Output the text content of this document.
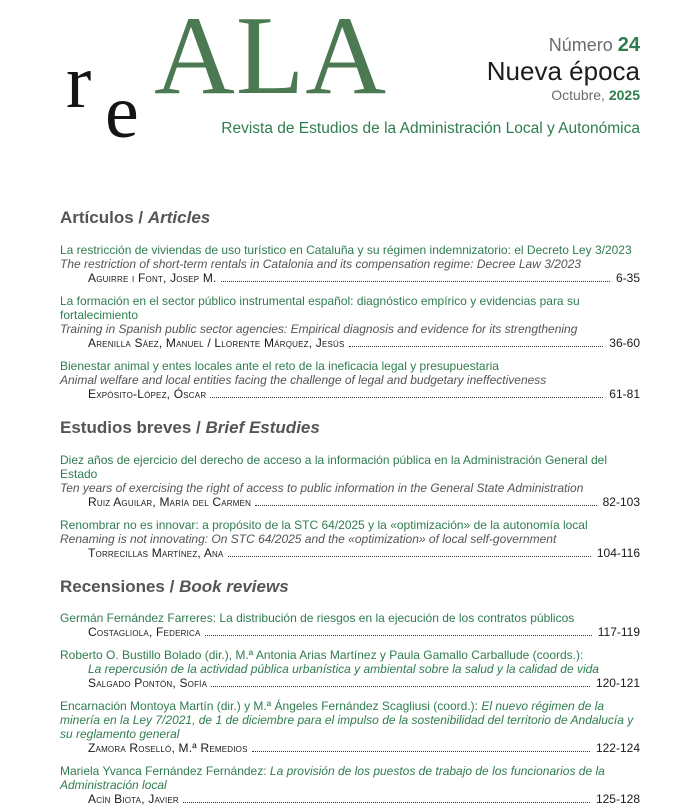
r e ALA	Número 24
Nueva época
Octubre, 2025
Revista de Estudios de la Administración Local y Autonómica
Artículos / Articles
La restricción de viviendas de uso turístico en Cataluña y su régimen indemnizatorio: el Decreto Ley 3/2023
The restriction of short-term rentals in Catalonia and its compensation regime: Decree Law 3/2023
Aguirre i Font, Josep M.	6-35
La formación en el sector público instrumental español: diagnóstico empírico y evidencias para su fortalecimiento
Training in Spanish public sector agencies: Empirical diagnosis and evidence for its strengthening
Arenilla Sáez, Manuel / Llorente Márquez, Jesús	36-60
Bienestar animal y entes locales ante el reto de la ineficacia legal y presupuestaria
Animal welfare and local entities facing the challenge of legal and budgetary ineffectiveness
Expósito-López, Óscar	61-81
Estudios breves / Brief Estudies
Diez años de ejercicio del derecho de acceso a la información pública en la Administración General del Estado
Ten years of exercising the right of access to public information in the General State Administration
Ruiz Aguilar, María del Carmen	82-103
Renombrar no es innovar: a propósito de la STC 64/2025 y la «optimización» de la autonomía local
Renaming is not innovating: On STC 64/2025 and the «optimization» of local self-government
Torrecillas Martínez, Ana	104-116
Recensiones / Book reviews
Germán Fernández Farreres: La distribución de riesgos en la ejecución de los contratos públicos
Costagliola, Federica	117-119
Roberto O. Bustillo Bolado (dir.), M.ª Antonia Arias Martínez y Paula Gamallo Carballude (coords.):
La repercusión de la actividad pública urbanística y ambiental sobre la salud y la calidad de vida
Salgado Pontón, Sofía	120-121
Encarnación Montoya Martín (dir.) y M.ª Ángeles Fernández Scagliusi (coord.): El nuevo régimen de la minería en la Ley 7/2021, de 1 de diciembre para el impulso de la sostenibilidad del territorio de Andalucía y su reglamento general
Zamora Roselló, M.ª Remedios	122-124
Mariela Yvanca Fernández Fernández: La provisión de los puestos de trabajo de los funcionarios de la Administración local
Acín Biota, Javier	125-128
